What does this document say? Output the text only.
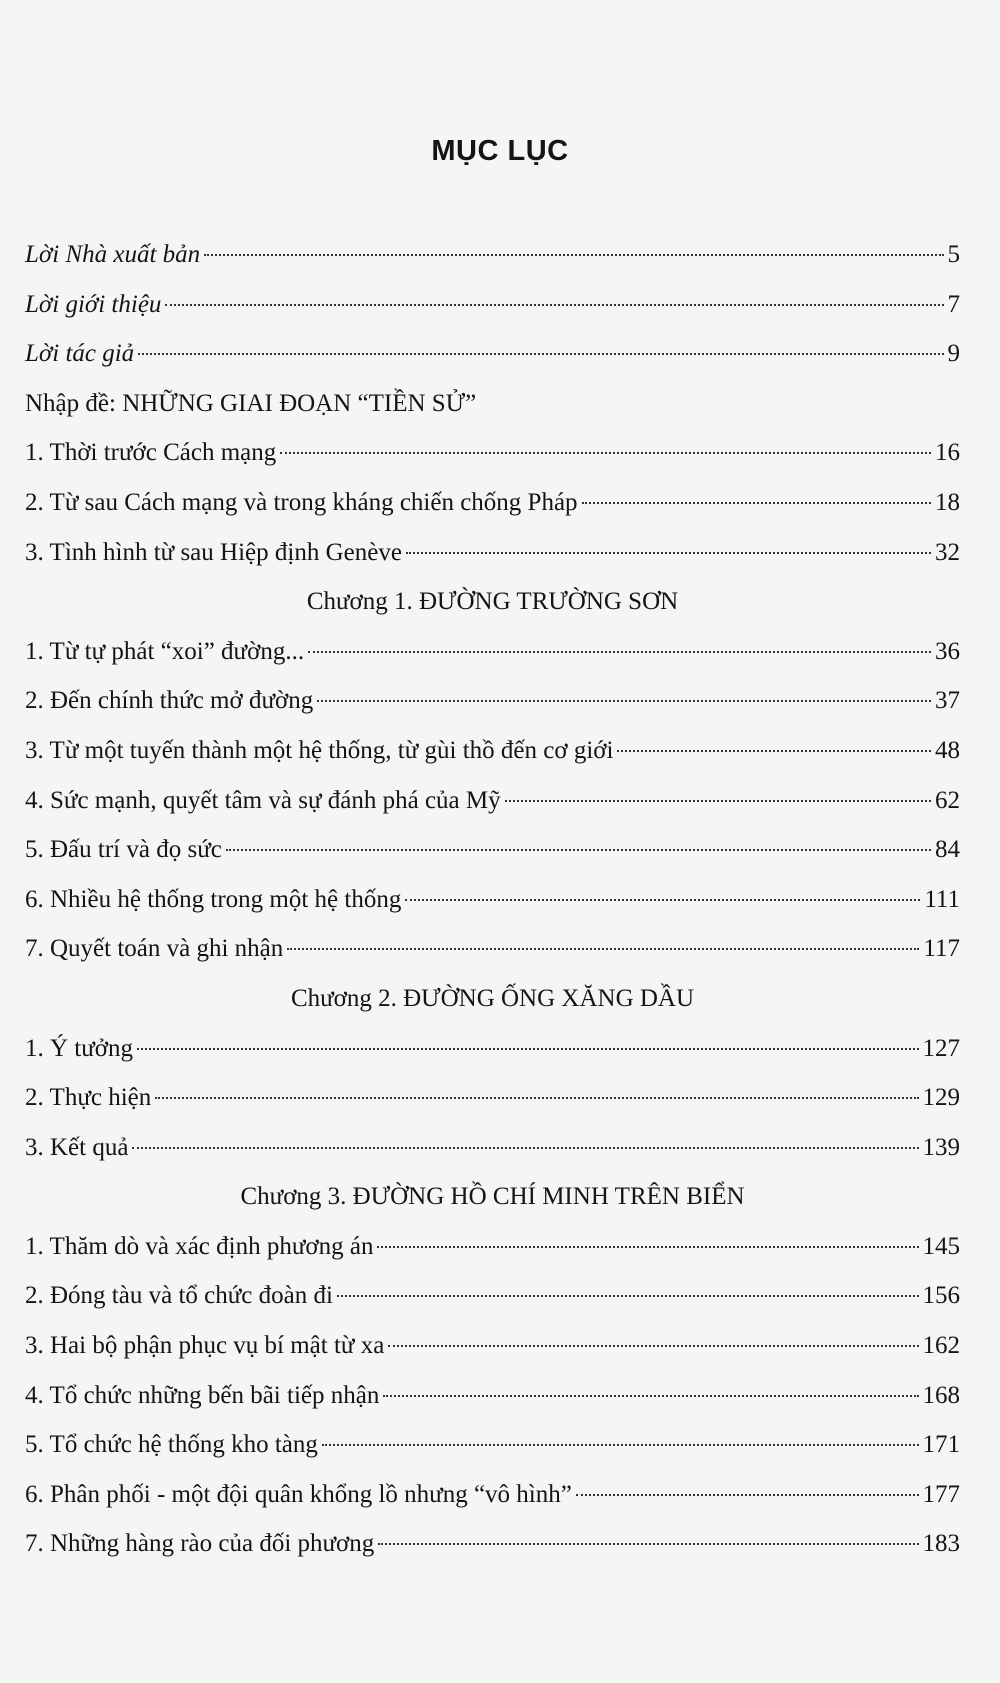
MỤC LỤC
Lời Nhà xuất bản	5
Lời giới thiệu	7
Lời tác giả	9
Nhập đề: NHỮNG GIAI ĐOẠN “TIỀN SỬ”
1. Thời trước Cách mạng	16
2. Từ sau Cách mạng và trong kháng chiến chống Pháp	18
3. Tình hình từ sau Hiệp định Genève	32
Chương 1. ĐƯỜNG TRƯỜNG SƠN
1. Từ tự phát “xoi” đường...	36
2. Đến chính thức mở đường	37
3. Từ một tuyến thành một hệ thống, từ gùi thồ đến cơ giới	48
4. Sức mạnh, quyết tâm và sự đánh phá của Mỹ	62
5. Đấu trí và đọ sức	84
6. Nhiều hệ thống trong một hệ thống	111
7. Quyết toán và ghi nhận	117
Chương 2. ĐƯỜNG ỐNG XĂNG DẦU
1. Ý tưởng	127
2. Thực hiện	129
3. Kết quả	139
Chương 3. ĐƯỜNG HỒ CHÍ MINH TRÊN BIỂN
1. Thăm dò và xác định phương án	145
2. Đóng tàu và tổ chức đoàn đi	156
3. Hai bộ phận phục vụ bí mật từ xa	162
4. Tổ chức những bến bãi tiếp nhận	168
5. Tổ chức hệ thống kho tàng	171
6. Phân phối - một đội quân khổng lồ nhưng “vô hình”	177
7. Những hàng rào của đối phương	183
